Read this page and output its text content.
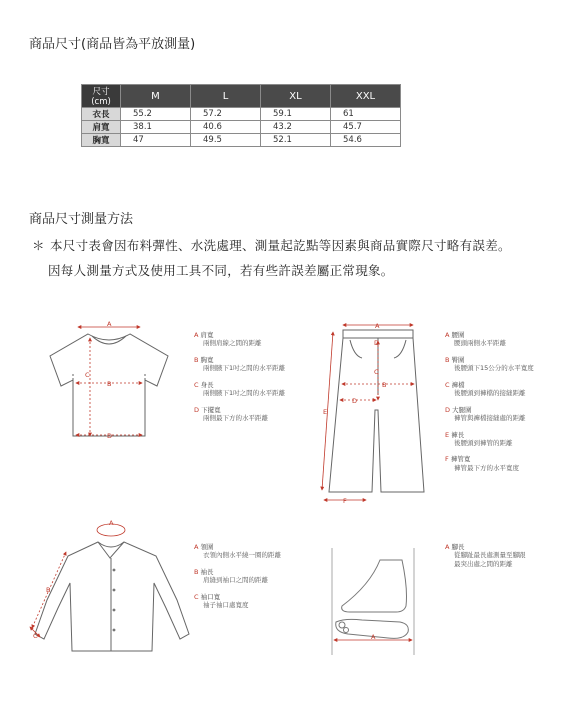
商品尺寸(商品皆為平放測量)
尺寸(cm)	M	L	XL	XXL
衣長	55.2	57.2	59.1	61
肩寬	38.1	40.6	43.2	45.7
胸寬	47	49.5	52.1	54.6
商品尺寸測量方法
＊ 本尺寸表會因布料彈性、水洗處理、測量起訖點等因素與商品實際尺寸略有誤差。
因每人測量方式及使用工具不同，若有些許誤差屬正常現象。
A
B
C
D
A
D
C
B
D
E
F
A
B
C	A
A 肩寬
兩側肩線之間的距離
B 胸寬
兩側腋下1吋之間的水平距離
C 身長
兩側腋下1吋之間的水平距離
D 下擺寬
兩側最下方的水平距離
A 腰圍
腰頭兩側水平距離
B 臀圍
後腰頭下15公分的水平寬度
C 褲檔
後腰頭到褲檔的接縫距離
D 大腿圍
褲管與褲檔接縫處的距離
E 褲長
後腰頭到褲管的距離
F 褲管寬
褲管最下方的水平寬度
A 領圍
衣領內側水平繞一圈的距離
B 袖長
肩縫到袖口之間的距離
C 袖口寬
袖子袖口處寬度
A 腳長
從腳趾最長處測量至腳跟
最突出處之間的距離
